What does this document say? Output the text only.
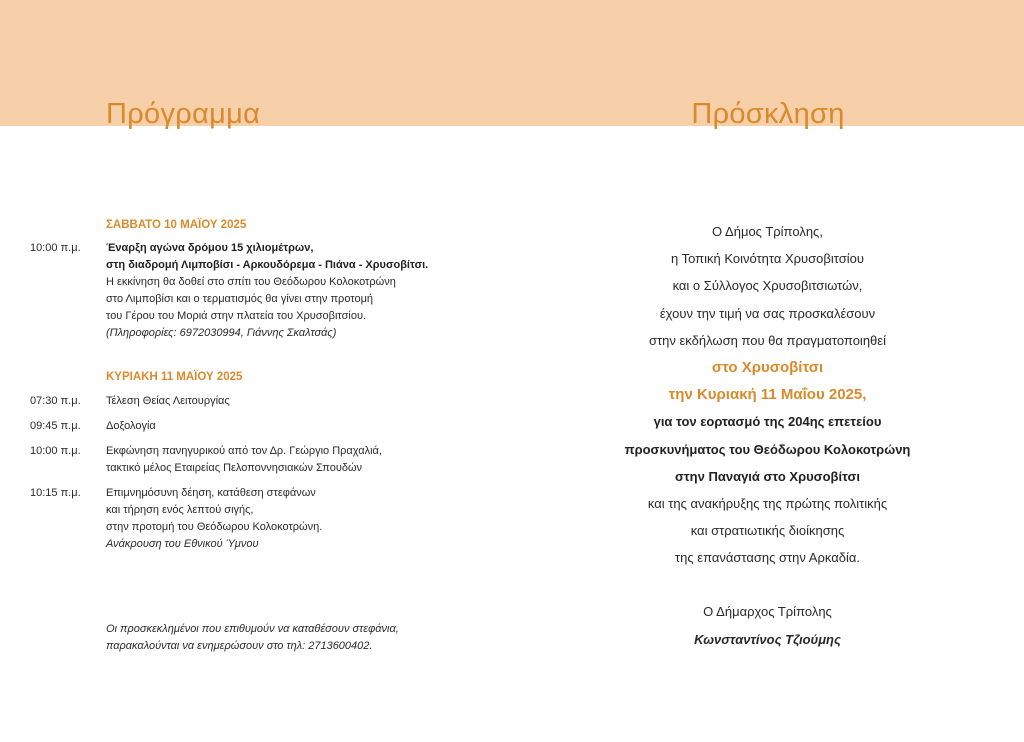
Πρόγραμμα	Πρόσκληση
ΣΑΒΒΑΤΟ 10 ΜΑΪΟΥ 2025
10:00 π.μ.	Έναρξη αγώνα δρόμου 15 χιλιομέτρων,
στη διαδρομή Λιμποβίσι - Αρκουδόρεμα - Πιάνα - Χρυσοβίτσι.
Η εκκίνηση θα δοθεί στο σπίτι του Θεόδωρου Κολοκοτρώνη
στο Λιμποβίσι και ο τερματισμός θα γίνει στην προτομή
του Γέρου του Μοριά στην πλατεία του Χρυσοβιτσίου.
(Πληροφορίες: 6972030994, Γιάννης Σκαλτσάς)
ΚΥΡΙΑΚΗ 11 ΜΑΪΟΥ 2025
07:30 π.μ.	Τέλεση Θείας Λειτουργίας
09:45 π.μ.	Δοξολογία
10:00 π.μ.	Εκφώνηση πανηγυρικού από τον Δρ. Γεώργιο Πραχαλιά,
τακτικό μέλος Εταιρείας Πελοποννησιακών Σπουδών
10:15 π.μ.	Επιμνημόσυνη δέηση, κατάθεση στεφάνων
και τήρηση ενός λεπτού σιγής,
στην προτομή του Θεόδωρου Κολοκοτρώνη.
Ανάκρουση του Εθνικού Ύμνου
Οι προσκεκλημένοι που επιθυμούν να καταθέσουν στεφάνια,
παρακαλούνται να ενημερώσουν στο τηλ: 2713600402.
Ο Δήμος Τρίπολης,
η Τοπική Κοινότητα Χρυσοβιτσίου
και ο Σύλλογος Χρυσοβιτσιωτών,
έχουν την τιμή να σας προσκαλέσουν
στην εκδήλωση που θα πραγματοποιηθεί
στο Χρυσοβίτσι
την Κυριακή 11 Μαΐου 2025,
για τον εορτασμό της 204ης επετείου
προσκυνήματος του Θεόδωρου Κολοκοτρώνη
στην Παναγιά στο Χρυσοβίτσι
και της ανακήρυξης της πρώτης πολιτικής
και στρατιωτικής διοίκησης
της επανάστασης στην Αρκαδία.
Ο Δήμαρχος Τρίπολης
Κωνσταντίνος Τζιούμης
